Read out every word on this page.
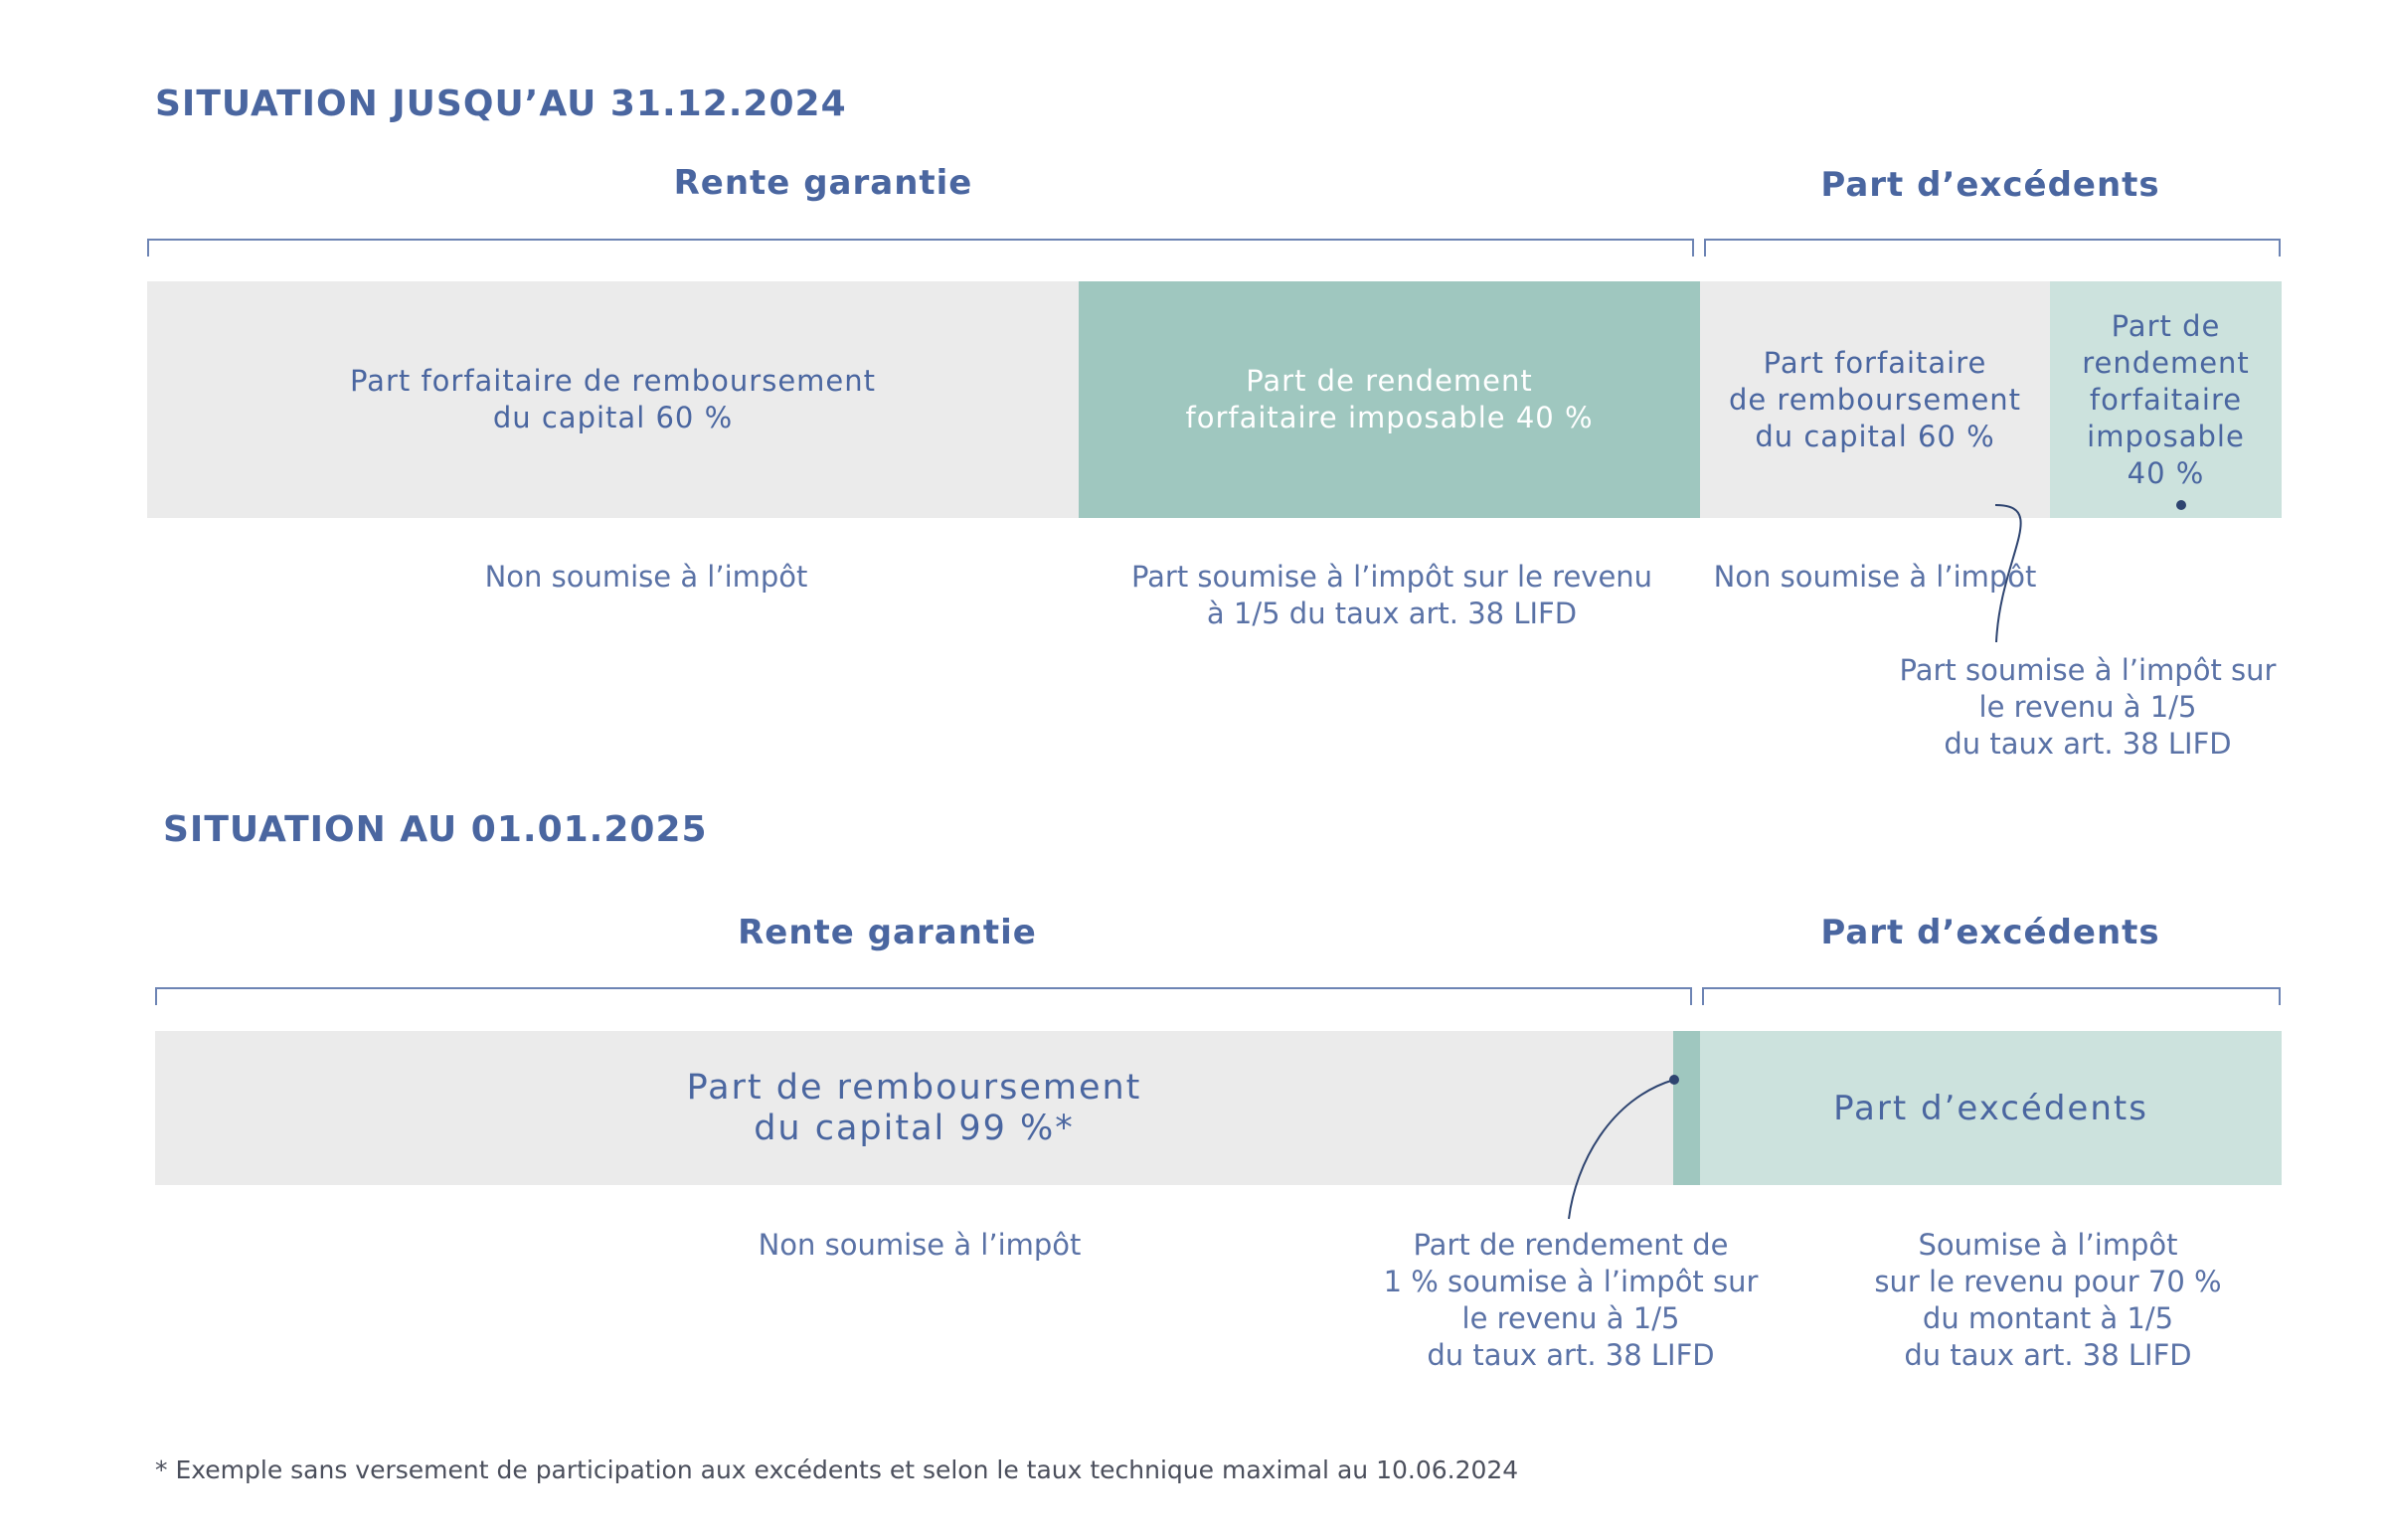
SITUATION JUSQU’AU 31.12.2024
Rente garantie	Part d’excédents
Part forfaitaire de remboursement
du capital 60 %
Part de rendement
forfaitaire imposable 40 %
Part forfaitaire
de remboursement
du capital 60 %
Part de
rendement
forfaitaire
imposable
40 %
Non soumise à l’impôt	Part soumise à l’impôt sur le revenu
à 1/5 du taux art. 38 LIFD
Non soumise à l’impôt
Part soumise à l’impôt sur
le revenu à 1/5
du taux art. 38 LIFD
SITUATION AU 01.01.2025
Rente garantie	Part d’excédents
Part de remboursement
du capital 99 %*	Part d’excédents
Non soumise à l’impôt	Part de rendement de
1 % soumise à l’impôt sur
le revenu à 1/5
du taux art. 38 LIFD
Soumise à l’impôt
sur le revenu pour 70 %
du montant à 1/5
du taux art. 38 LIFD
* Exemple sans versement de participation aux excédents et selon le taux technique maximal au 10.06.2024
